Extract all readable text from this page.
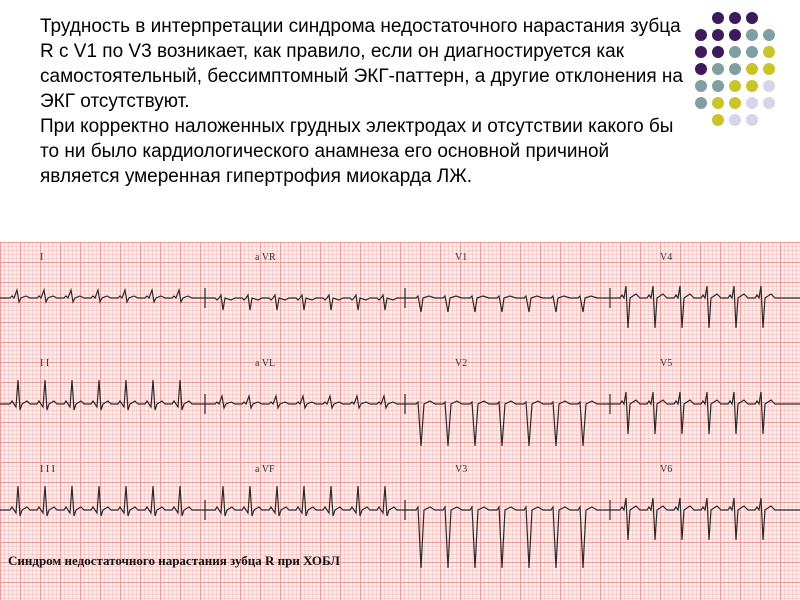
Трудность в интерпретации синдрома недостаточного нарастания зубца R с V1 по V3 возникает, как правило, если он диагностируется как самостоятельный, бессимптомный ЭКГ-паттерн, а другие отклонения на ЭКГ отсутствуют.

При корректно наложенных грудных электродах и отсутствии какого бы то ни было кардиологического анамнеза его основной причиной является умеренная гипертрофия миокарда ЛЖ.

I	a VR	V1	V4
I I	a VL	V2	V5
I I I	a VF	V3	V6
Синдром недостаточного нарастания зубца R при ХОБЛ
